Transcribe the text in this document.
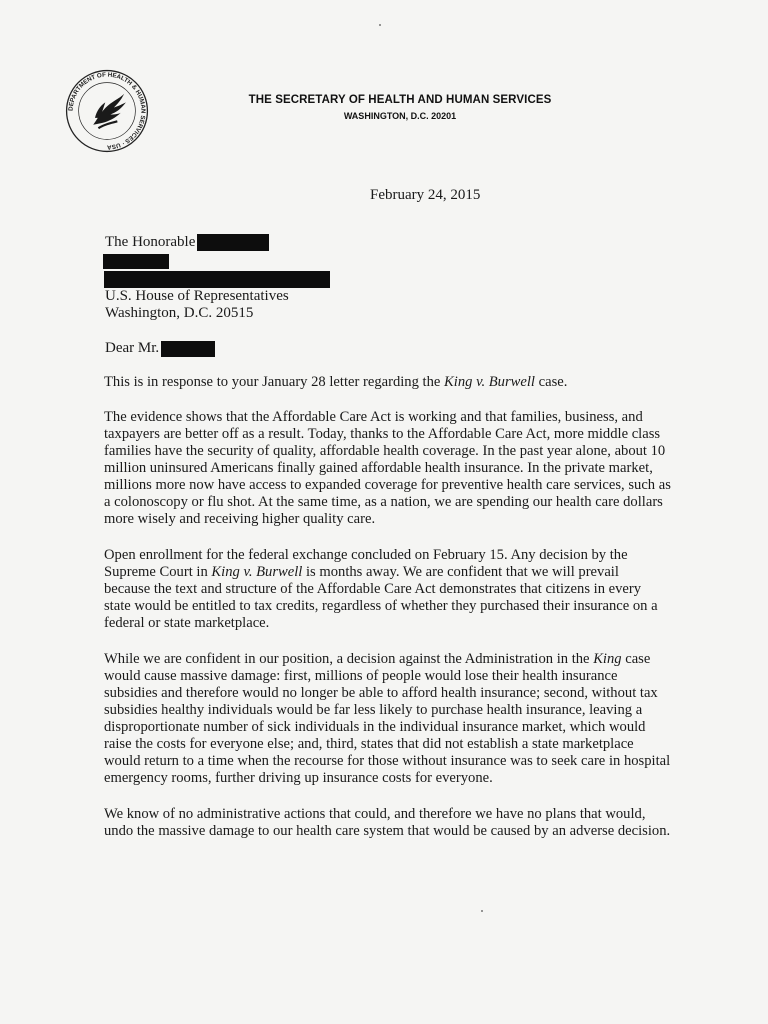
DEPARTMENT OF HEALTH & HUMAN SERVICES · USA
THE SECRETARY OF HEALTH AND HUMAN SERVICES
WASHINGTON, D.C. 20201
February 24, 2015
The Honorable
U.S. House of Representatives
Washington, D.C. 20515
Dear Mr.
This is in response to your January 28 letter regarding the King v. Burwell case.
The evidence shows that the Affordable Care Act is working and that families, business, and
taxpayers are better off as a result. Today, thanks to the Affordable Care Act, more middle class
families have the security of quality, affordable health coverage. In the past year alone, about 10
million uninsured Americans finally gained affordable health insurance. In the private market,
millions more now have access to expanded coverage for preventive health care services, such as
a colonoscopy or flu shot. At the same time, as a nation, we are spending our health care dollars
more wisely and receiving higher quality care.
Open enrollment for the federal exchange concluded on February 15. Any decision by the
Supreme Court in King v. Burwell is months away. We are confident that we will prevail
because the text and structure of the Affordable Care Act demonstrates that citizens in every
state would be entitled to tax credits, regardless of whether they purchased their insurance on a
federal or state marketplace.
While we are confident in our position, a decision against the Administration in the King case
would cause massive damage: first, millions of people would lose their health insurance
subsidies and therefore would no longer be able to afford health insurance; second, without tax
subsidies healthy individuals would be far less likely to purchase health insurance, leaving a
disproportionate number of sick individuals in the individual insurance market, which would
raise the costs for everyone else; and, third, states that did not establish a state marketplace
would return to a time when the recourse for those without insurance was to seek care in hospital
emergency rooms, further driving up insurance costs for everyone.
We know of no administrative actions that could, and therefore we have no plans that would,
undo the massive damage to our health care system that would be caused by an adverse decision.
